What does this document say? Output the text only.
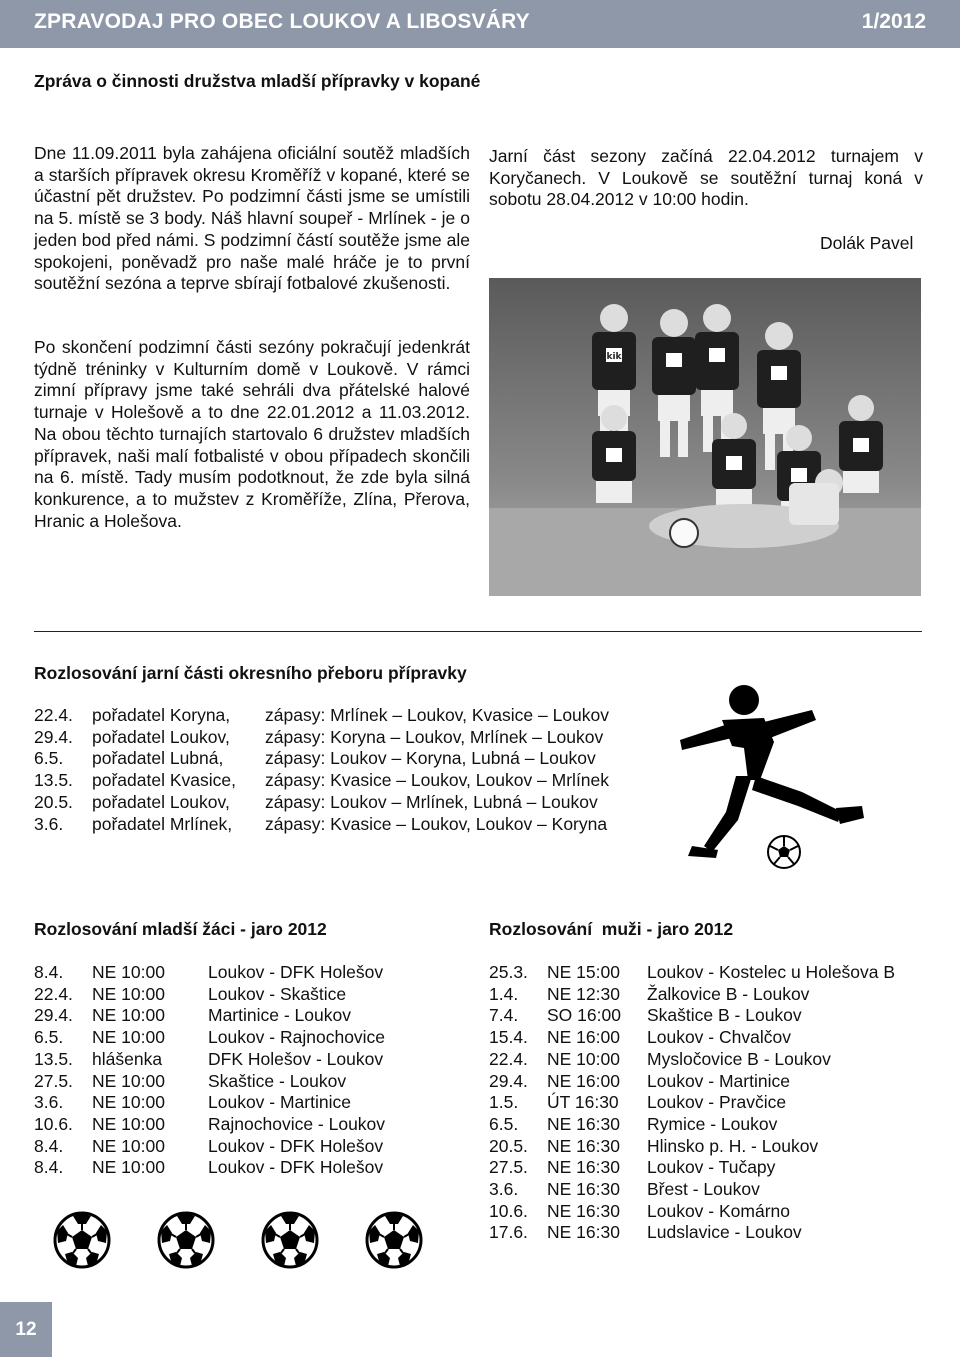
ZPRAVODAJ PRO OBEC LOUKOV A LIBOSVÁRY	1/2012
Zpráva o činnosti družstva mladší přípravky v kopané

Dne 11.09.2011 byla zahájena oficiální soutěž mladších a starších přípravek okresu Kroměříž v kopané, které se účastní pět družstev. Po podzimní části jsme se umístili na 5. místě se 3 body. Náš hlavní soupeř - Mrlínek - je o jeden bod před námi. S podzimní částí soutěže jsme ale spokojeni, poněvadž pro naše malé hráče je to první soutěžní sezóna a teprve sbírají fotbalové zkušenosti.

Po skončení podzimní části sezóny pokračují jedenkrát týdně tréninky v Kulturním domě v Loukově. V rámci zimní přípravy jsme také sehráli dva přátelské halové turnaje v Holešově a to dne 22.01.2012 a 11.03.2012. Na obou těchto turnajích startovalo 6 družstev mladších přípravek, naši malí fotbalisté v obou případech skončili na 6. místě. Tady musím podotknout, že zde byla silná konkurence, a to mužstev z Kroměříže, Zlína, Přerova, Hranic a Holešova.

Jarní část sezony začíná 22.04.2012 turnajem v Koryčanech. V Loukově se soutěžní turnaj koná v sobotu 28.04.2012 v 10:00 hodin.

Dolák Pavel
kik
Rozlosování jarní části okresního přeboru přípravky
22.4.	pořadatel Koryna,	zápasy: Mrlínek – Loukov, Kvasice – Loukov
29.4.	pořadatel Loukov,	zápasy: Koryna – Loukov, Mrlínek – Loukov
6.5.	pořadatel Lubná,	zápasy: Loukov – Koryna, Lubná – Loukov
13.5.	pořadatel Kvasice,	zápasy: Kvasice – Loukov, Loukov – Mrlínek
20.5.	pořadatel Loukov,	zápasy: Loukov – Mrlínek, Lubná – Loukov
3.6.	pořadatel Mrlínek,	zápasy: Kvasice – Loukov, Loukov – Koryna
Rozlosování mladší žáci - jaro 2012
8.4.	NE 10:00	Loukov - DFK Holešov
22.4.	NE 10:00	Loukov - Skaštice
29.4.	NE 10:00	Martinice - Loukov
6.5.	NE 10:00	Loukov - Rajnochovice
13.5.	hlášenka	DFK Holešov - Loukov
27.5.	NE 10:00	Skaštice - Loukov
3.6.	NE 10:00	Loukov - Martinice
10.6.	NE 10:00	Rajnochovice - Loukov
8.4.	NE 10:00	Loukov - DFK Holešov
8.4.	NE 10:00	Loukov - DFK Holešov
Rozlosování  muži - jaro 2012
25.3.	NE 15:00	Loukov - Kostelec u Holešova B
1.4.	NE 12:30	Žalkovice B - Loukov
7.4.	SO 16:00	Skaštice B - Loukov
15.4.	NE 16:00	Loukov - Chvalčov
22.4.	NE 10:00	Mysločovice B - Loukov
29.4.	NE 16:00	Loukov - Martinice
1.5.	ÚT 16:30	Loukov - Pravčice
6.5.	NE 16:30	Rymice - Loukov
20.5.	NE 16:30	Hlinsko p. H. - Loukov
27.5.	NE 16:30	Loukov - Tučapy
3.6.	NE 16:30	Břest - Loukov
10.6.	NE 16:30	Loukov - Komárno
17.6.	NE 16:30	Ludslavice - Loukov
12
